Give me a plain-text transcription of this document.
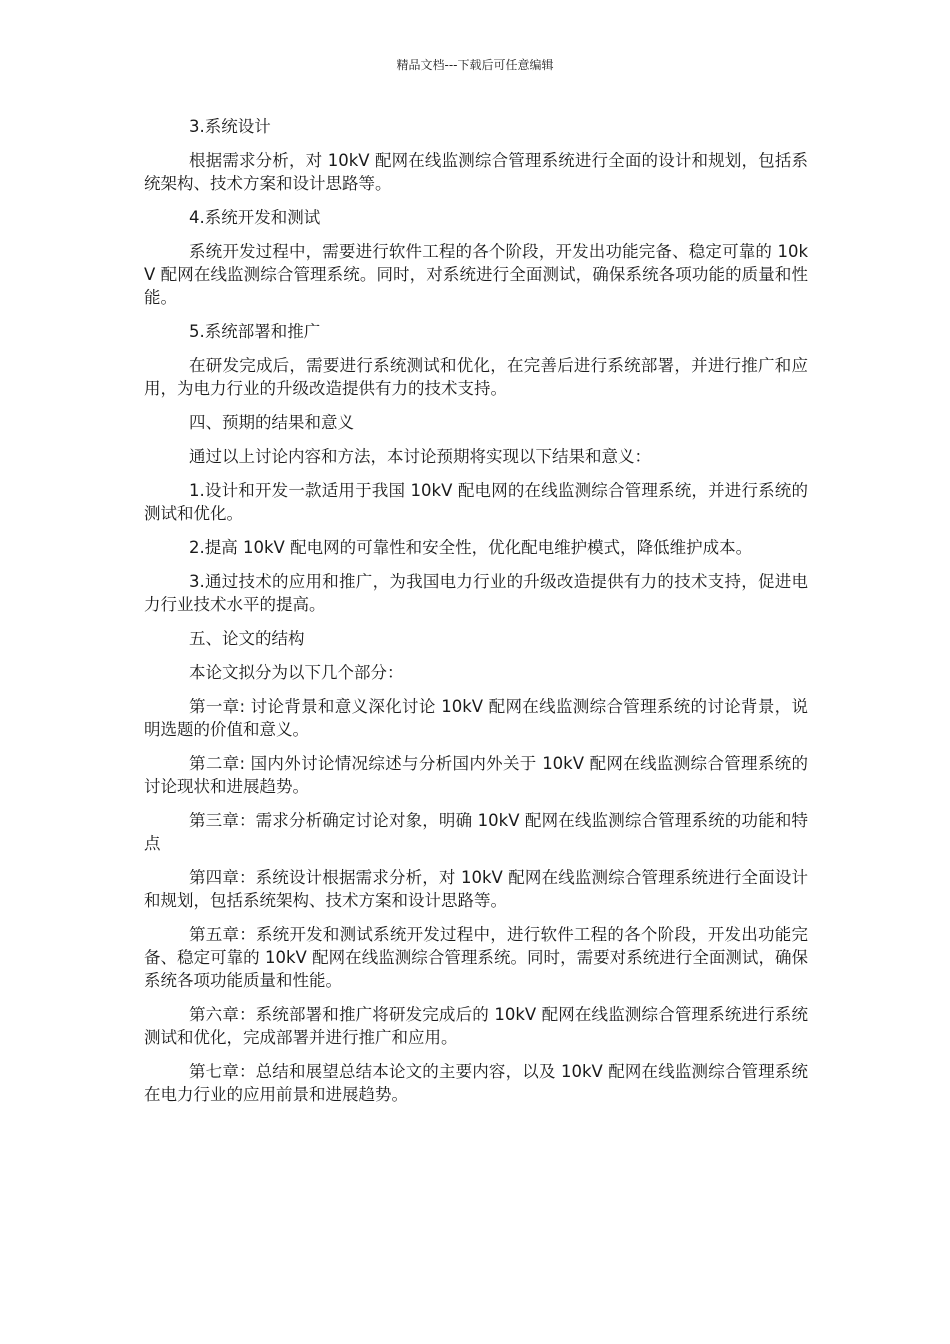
精品文档---下载后可任意编辑

3.系统设计

根据需求分析，对 10kV 配网在线监测综合管理系统进行全面的设计和规划，包括系统架构、技术方案和设计思路等。

4.系统开发和测试

系统开发过程中，需要进行软件工程的各个阶段，开发出功能完备、稳定可靠的 10kV 配网在线监测综合管理系统。同时，对系统进行全面测试，确保系统各项功能的质量和性能。

5.系统部署和推广

在研发完成后，需要进行系统测试和优化，在完善后进行系统部署，并进行推广和应用，为电力行业的升级改造提供有力的技术支持。

四、预期的结果和意义

通过以上讨论内容和方法，本讨论预期将实现以下结果和意义：

1.设计和开发一款适用于我国 10kV 配电网的在线监测综合管理系统，并进行系统的测试和优化。

2.提高 10kV 配电网的可靠性和安全性，优化配电维护模式，降低维护成本。

3.通过技术的应用和推广，为我国电力行业的升级改造提供有力的技术支持，促进电力行业技术水平的提高。

五、论文的结构

本论文拟分为以下几个部分：

第一章: 讨论背景和意义深化讨论 10kV 配网在线监测综合管理系统的讨论背景，说明选题的价值和意义。

第二章: 国内外讨论情况综述与分析国内外关于 10kV 配网在线监测综合管理系统的讨论现状和进展趋势。

第三章：需求分析确定讨论对象，明确 10kV 配网在线监测综合管理系统的功能和特点

第四章：系统设计根据需求分析，对 10kV 配网在线监测综合管理系统进行全面设计和规划，包括系统架构、技术方案和设计思路等。

第五章：系统开发和测试系统开发过程中，进行软件工程的各个阶段，开发出功能完备、稳定可靠的 10kV 配网在线监测综合管理系统。同时，需要对系统进行全面测试，确保系统各项功能质量和性能。

第六章：系统部署和推广将研发完成后的 10kV 配网在线监测综合管理系统进行系统测试和优化，完成部署并进行推广和应用。

第七章：总结和展望总结本论文的主要内容，以及 10kV 配网在线监测综合管理系统在电力行业的应用前景和进展趋势。
